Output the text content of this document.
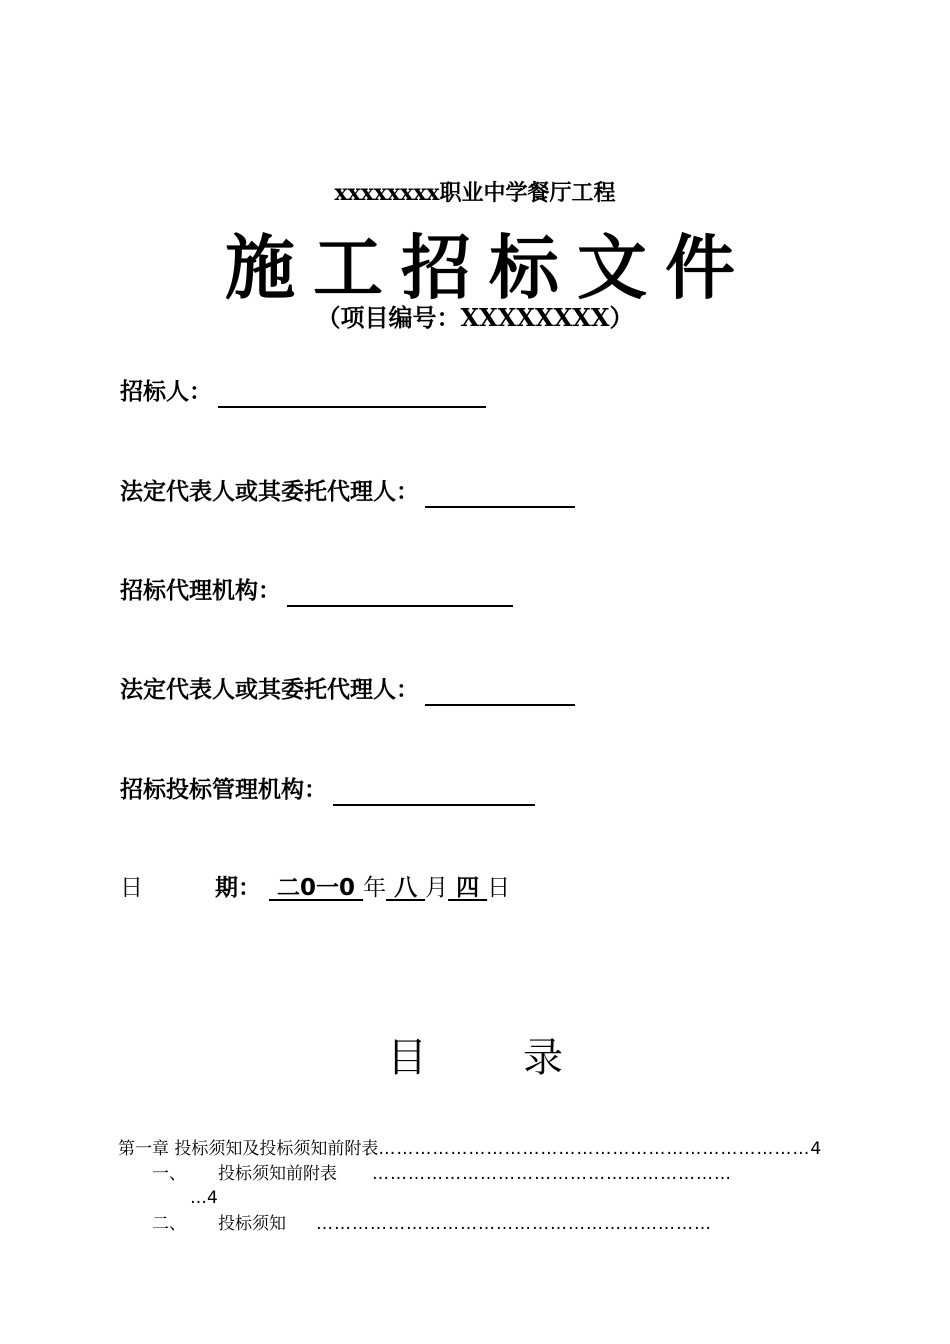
xxxxxxxx职业中学餐厅工程
施工招标文件
（项目编号：XXXXXXXX）
招标人：
法定代表人或其委托代理人：
招标代理机构：
法定代表人或其委托代理人：
招标投标管理机构：
日	期： 二0一0 年 八 月 四 日
目 录
第一章 投标须知及投标须知前附表………………………………………………………………4
一、 投标须知前附表 ……………………………………………………
…4
二、 投标须知 …………………………………………………………
